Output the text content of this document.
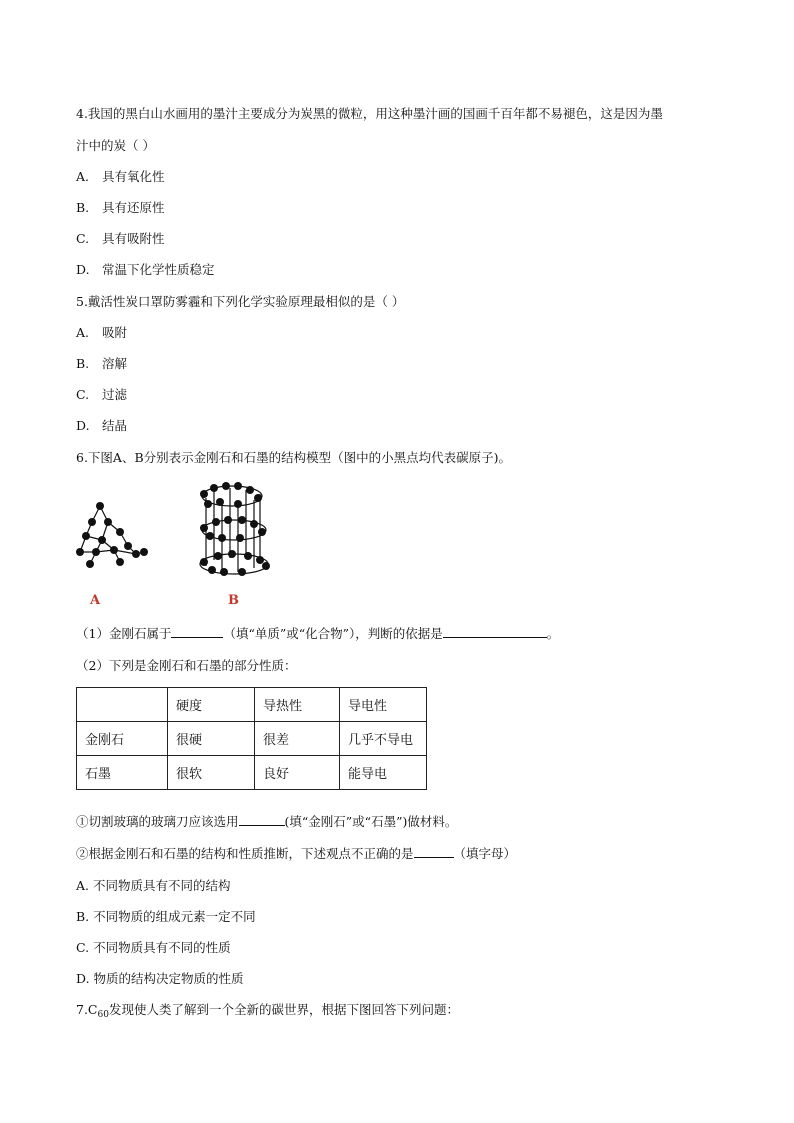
4.我国的黑白山水画用的墨汁主要成分为炭黑的微粒，用这种墨汁画的国画千百年都不易褪色，这是因为墨
汁中的炭（ ）
A. 具有氧化性
B. 具有还原性
C. 具有吸附性
D. 常温下化学性质稳定
5.戴活性炭口罩防雾霾和下列化学实验原理最相似的是（ ）
A. 吸附
B. 溶解
C. 过滤
D. 结晶
6.下图A、B分别表示金刚石和石墨的结构模型（图中的小黑点均代表碳原子)。
A	B
（1）金刚石属于	（填“单质”或“化合物”），判断的依据是	。
（2）下列是金刚石和石墨的部分性质：
	硬度	导热性	导电性
金刚石	很硬	很差	几乎不导电
石墨	很软	良好	能导电
①切割玻璃的玻璃刀应该选用	(填“金刚石”或“石墨”)做材料。
②根据金刚石和石墨的结构和性质推断，下述观点不正确的是	（填字母）
A. 不同物质具有不同的结构
B. 不同物质的组成元素一定不同
C. 不同物质具有不同的性质
D. 物质的结构决定物质的性质
$7.C_{60}$发现使人类了解到一个全新的碳世界，根据下图回答下列问题：
